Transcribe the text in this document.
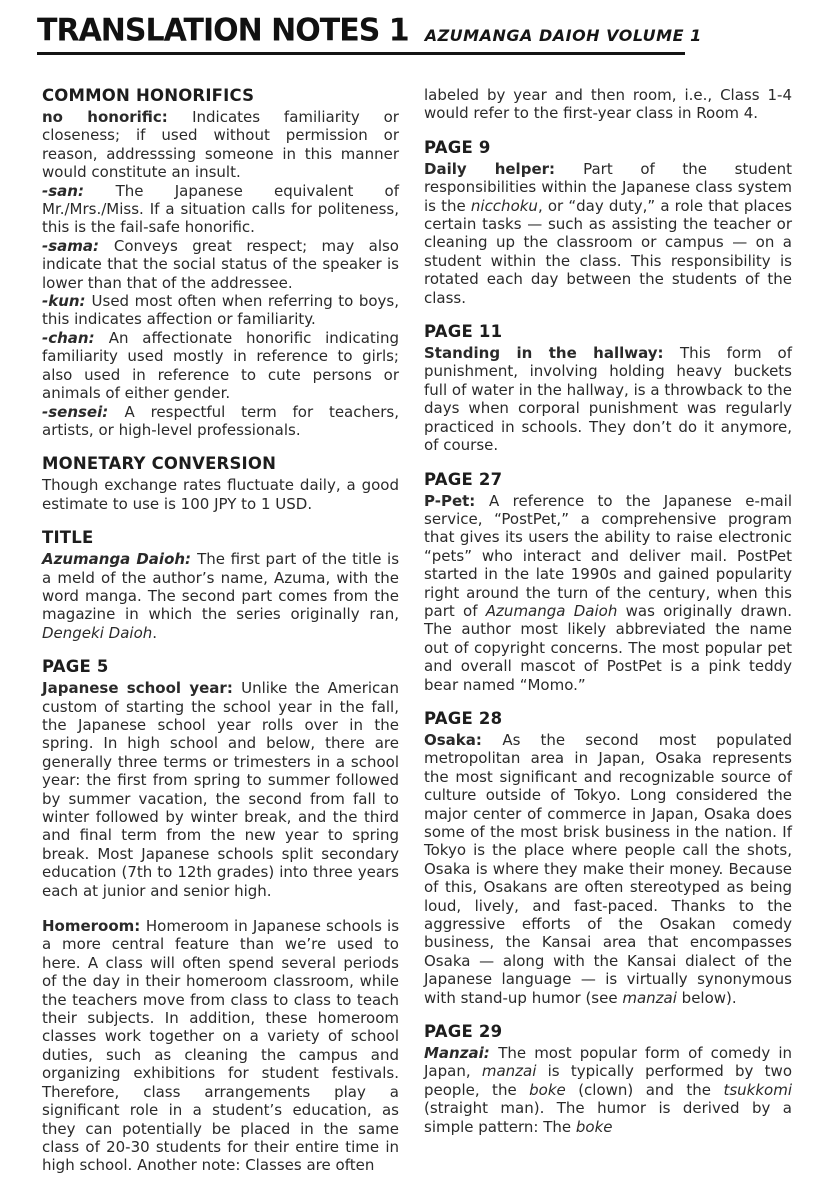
TRANSLATION NOTES 1 AZUMANGA DAIOH VOLUME 1
COMMON HONORIFICS

no honorific: Indicates familiarity or closeness; if used without permission or reason, addresssing someone in this manner would constitute an insult.

-san: The Japanese equivalent of Mr./Mrs./Miss. If a situation calls for politeness, this is the fail-safe honorific.

-sama: Conveys great respect; may also indicate that the social status of the speaker is lower than that of the addressee.

-kun: Used most often when referring to boys, this indicates affection or familiarity.

-chan: An affectionate honorific indicating familiarity used mostly in reference to girls; also used in reference to cute persons or animals of either gender.

-sensei: A respectful term for teachers, artists, or high-level professionals.

MONETARY CONVERSION

Though exchange rates fluctuate daily, a good estimate to use is 100 JPY to 1 USD.

TITLE

Azumanga Daioh: The first part of the title is a meld of the author’s name, Azuma, with the word manga. The second part comes from the magazine in which the series originally ran, Dengeki Daioh.

PAGE 5

Japanese school year: Unlike the American custom of starting the school year in the fall, the Japanese school year rolls over in the spring. In high school and below, there are generally three terms or trimesters in a school year: the first from spring to summer followed by summer vacation, the second from fall to winter followed by winter break, and the third and final term from the new year to spring break. Most Japanese schools split secondary education (7th to 12th grades) into three years each at junior and senior high.

Homeroom: Homeroom in Japanese schools is a more central feature than we’re used to here. A class will often spend several periods of the day in their homeroom classroom, while the teachers move from class to class to teach their subjects. In addition, these homeroom classes work together on a variety of school duties, such as cleaning the campus and organizing exhibitions for student festivals. Therefore, class arrangements play a significant role in a student’s education, as they can potentially be placed in the same class of 20-30 students for their entire time in high school. Another note: Classes are often

labeled by year and then room, i.e., Class 1-4 would refer to the first-year class in Room 4.

PAGE 9

Daily helper: Part of the student responsibilities within the Japanese class system is the nicchoku, or “day duty,” a role that places certain tasks — such as assisting the teacher or cleaning up the classroom or campus — on a student within the class. This responsibility is rotated each day between the students of the class.

PAGE 11

Standing in the hallway: This form of punishment, involving holding heavy buckets full of water in the hallway, is a throwback to the days when corporal punishment was regularly practiced in schools. They don’t do it anymore, of course.

PAGE 27

P-Pet: A reference to the Japanese e-mail service, “PostPet,” a comprehensive program that gives its users the ability to raise electronic “pets” who interact and deliver mail. PostPet started in the late 1990s and gained popularity right around the turn of the century, when this part of Azumanga Daioh was originally drawn. The author most likely abbreviated the name out of copyright concerns. The most popular pet and overall mascot of PostPet is a pink teddy bear named “Momo.”

PAGE 28

Osaka: As the second most populated metropolitan area in Japan, Osaka represents the most significant and recognizable source of culture outside of Tokyo. Long considered the major center of commerce in Japan, Osaka does some of the most brisk business in the nation. If Tokyo is the place where people call the shots, Osaka is where they make their money. Because of this, Osakans are often stereotyped as being loud, lively, and fast-paced. Thanks to the aggressive efforts of the Osakan comedy business, the Kansai area that encompasses Osaka — along with the Kansai dialect of the Japanese language — is virtually synonymous with stand-up humor (see manzai below).

PAGE 29

Manzai: The most popular form of comedy in Japan, manzai is typically performed by two people, the boke (clown) and the tsukkomi (straight man). The humor is derived by a simple pattern: The boke
